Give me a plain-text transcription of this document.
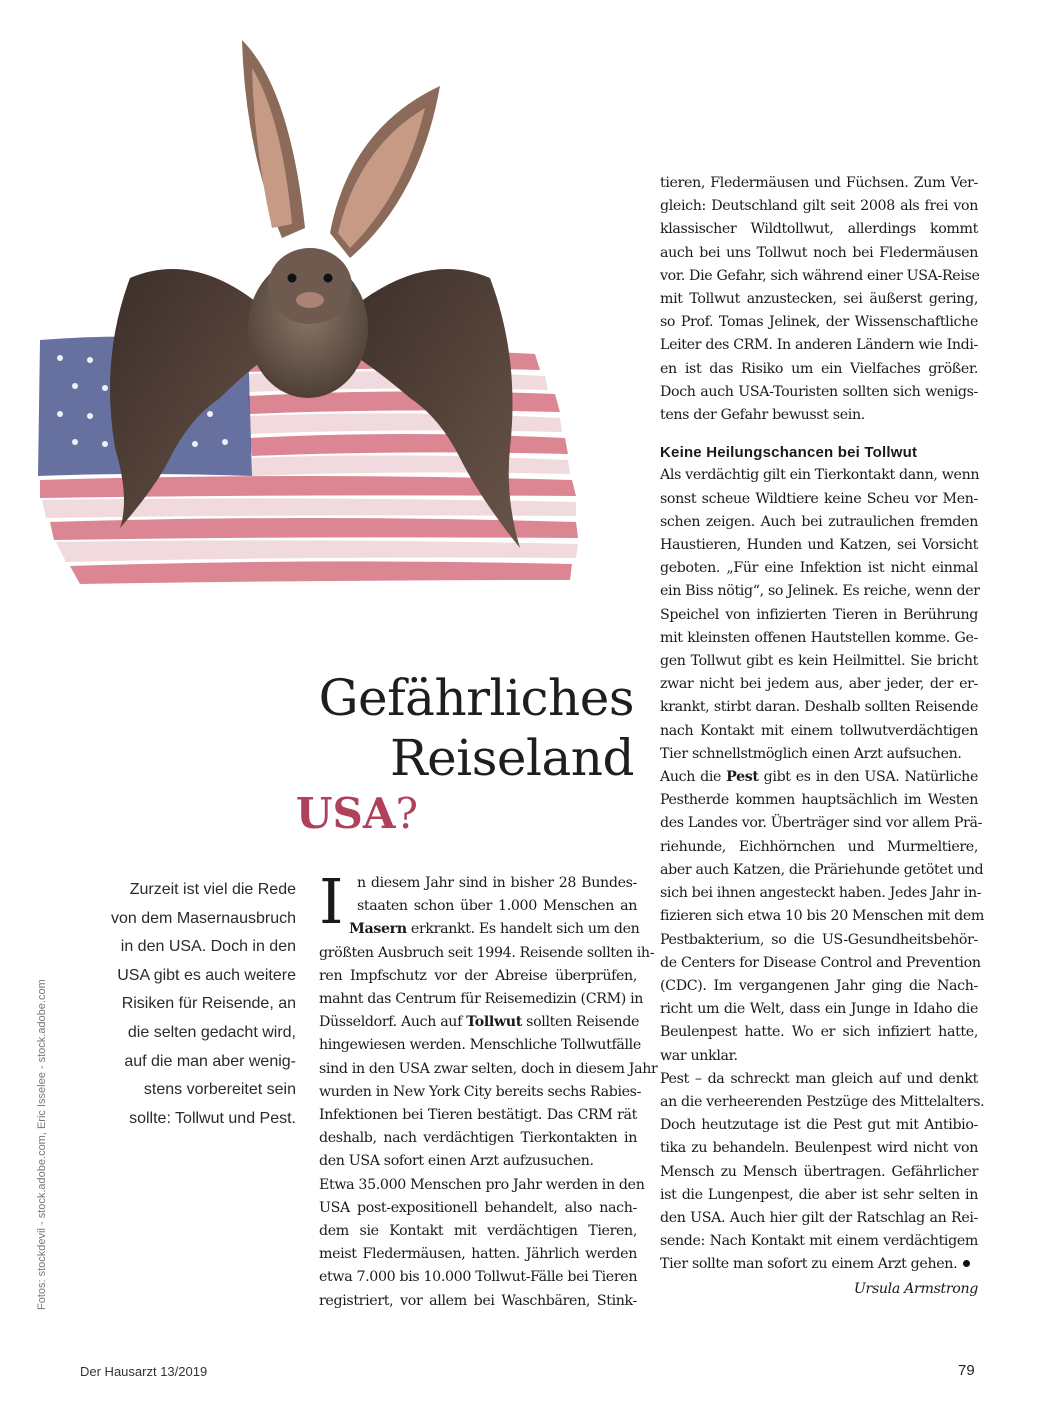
Gefährliches Reiseland
USA?
Fotos: stockdevil - stock.adobe.com, Eric Isselee - stock.adobe.com
Zurzeit ist viel die Rede
von dem Masernausbruch
in den USA. Doch in den
USA gibt es auch weitere
Risiken für Reisende, an
die selten gedacht wird,
auf die man aber wenig-
stens vorbereitet sein
sollte: Tollwut und Pest.
I n diesem Jahr sind in bisher 28 Bundes-
staaten schon über 1.000 Menschen an
Masern erkrankt. Es handelt sich um den
größten Ausbruch seit 1994. Reisende sollten ih-
ren Impfschutz vor der Abreise überprüfen,
mahnt das Centrum für Reisemedizin (CRM) in
Düsseldorf. Auch auf Tollwut sollten Reisende
hingewiesen werden. Menschliche Tollwutfälle
sind in den USA zwar selten, doch in diesem Jahr
wurden in New York City bereits sechs Rabies-
Infektionen bei Tieren bestätigt. Das CRM rät
deshalb, nach verdächtigen Tierkontakten in
den USA sofort einen Arzt aufzusuchen.
Etwa 35.000 Menschen pro Jahr werden in den
USA post-expositionell behandelt, also nach-
dem sie Kontakt mit verdächtigen Tieren,
meist Fledermäusen, hatten. Jährlich werden
etwa 7.000 bis 10.000 Tollwut-Fälle bei Tieren
registriert, vor allem bei Waschbären, Stink-
tieren, Fledermäusen und Füchsen. Zum Ver-
gleich: Deutschland gilt seit 2008 als frei von
klassischer Wildtollwut, allerdings kommt
auch bei uns Tollwut noch bei Fledermäusen
vor. Die Gefahr, sich während einer USA-Reise
mit Tollwut anzustecken, sei äußerst gering,
so Prof. Tomas Jelinek, der Wissenschaftliche
Leiter des CRM. In anderen Ländern wie Indi-
en ist das Risiko um ein Vielfaches größer.
Doch auch USA-Touristen sollten sich wenigs-
tens der Gefahr bewusst sein.
Keine Heilungschancen bei Tollwut
Als verdächtig gilt ein Tierkontakt dann, wenn
sonst scheue Wildtiere keine Scheu vor Men-
schen zeigen. Auch bei zutraulichen fremden
Haustieren, Hunden und Katzen, sei Vorsicht
geboten. „Für eine Infektion ist nicht einmal
ein Biss nötig“, so Jelinek. Es reiche, wenn der
Speichel von infizierten Tieren in Berührung
mit kleinsten offenen Hautstellen komme. Ge-
gen Tollwut gibt es kein Heilmittel. Sie bricht
zwar nicht bei jedem aus, aber jeder, der er-
krankt, stirbt daran. Deshalb sollten Reisende
nach Kontakt mit einem tollwutverdächtigen
Tier schnellstmöglich einen Arzt aufsuchen.
Auch die Pest gibt es in den USA. Natürliche
Pestherde kommen hauptsächlich im Westen
des Landes vor. Überträger sind vor allem Prä-
riehunde, Eichhörnchen und Murmeltiere,
aber auch Katzen, die Präriehunde getötet und
sich bei ihnen angesteckt haben. Jedes Jahr in-
fizieren sich etwa 10 bis 20 Menschen mit dem
Pestbakterium, so die US-Gesundheitsbehör-
de Centers for Disease Control and Prevention
(CDC). Im vergangenen Jahr ging die Nach-
richt um die Welt, dass ein Junge in Idaho die
Beulenpest hatte. Wo er sich infiziert hatte,
war unklar.
Pest – da schreckt man gleich auf und denkt
an die verheerenden Pestzüge des Mittelalters.
Doch heutzutage ist die Pest gut mit Antibio-
tika zu behandeln. Beulenpest wird nicht von
Mensch zu Mensch übertragen. Gefährlicher
ist die Lungenpest, die aber ist sehr selten in
den USA. Auch hier gilt der Ratschlag an Rei-
sende: Nach Kontakt mit einem verdächtigem
Tier sollte man sofort zu einem Arzt gehen.
Ursula Armstrong
Der Hausarzt 13/2019	79
